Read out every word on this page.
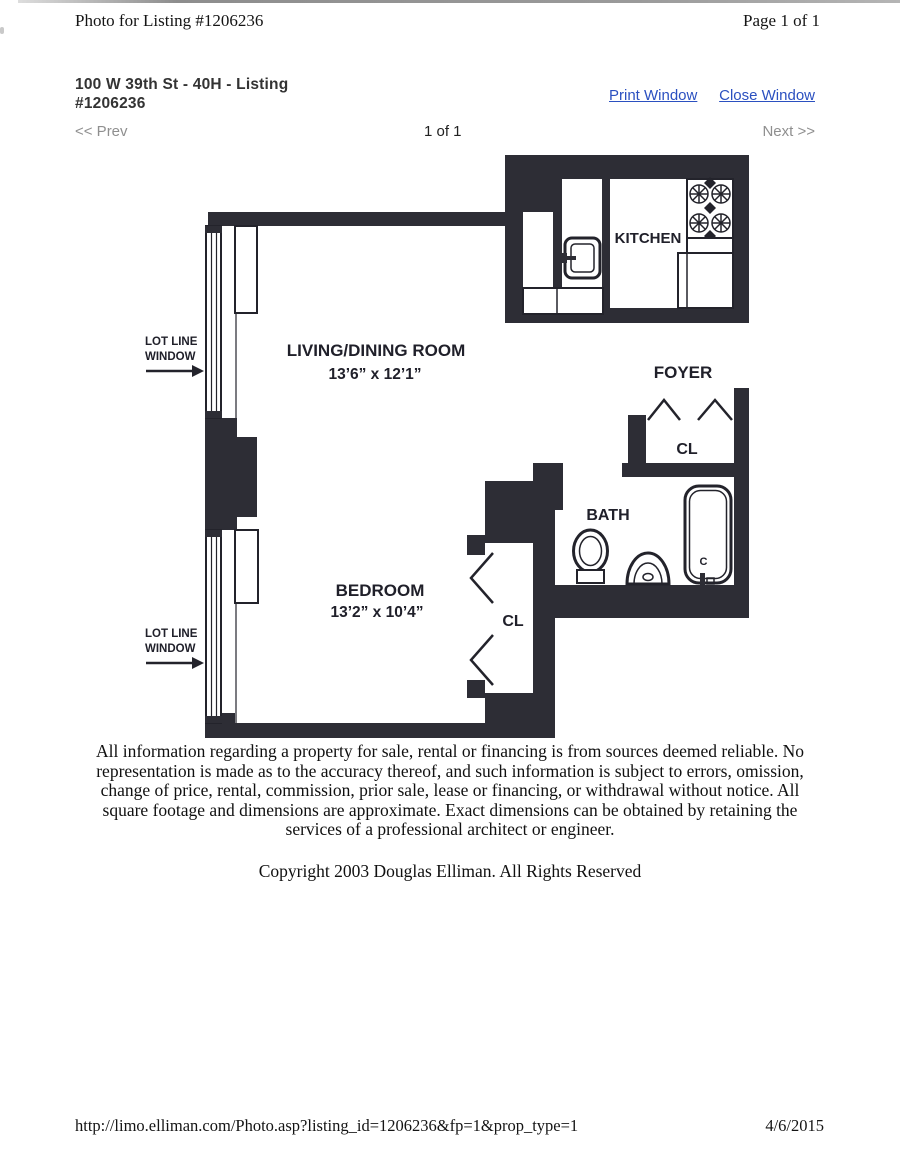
Photo for Listing #1206236	Page 1 of 1
100 W 39th St - 40H - Listing
#1206236	Print Window Close Window
<< Prev	1 of 1	Next >>
C
LOT LINE
WINDOW
LOT LINE
WINDOW
KITCHEN
LIVING/DINING ROOM
13’6” x 12’1”	FOYER
CL
BATH
BEDROOM
13’2” x 10’4”
CL
All information regarding a property for sale, rental or financing is from sources deemed reliable. No
representation is made as to the accuracy thereof, and such information is subject to errors, omission,
change of price, rental, commission, prior sale, lease or financing, or withdrawal without notice. All
square footage and dimensions are approximate. Exact dimensions can be obtained by retaining the
services of a professional architect or engineer.
Copyright 2003 Douglas Elliman. All Rights Reserved
http://limo.elliman.com/Photo.asp?listing_id=1206236&fp=1&prop_type=1	4/6/2015
